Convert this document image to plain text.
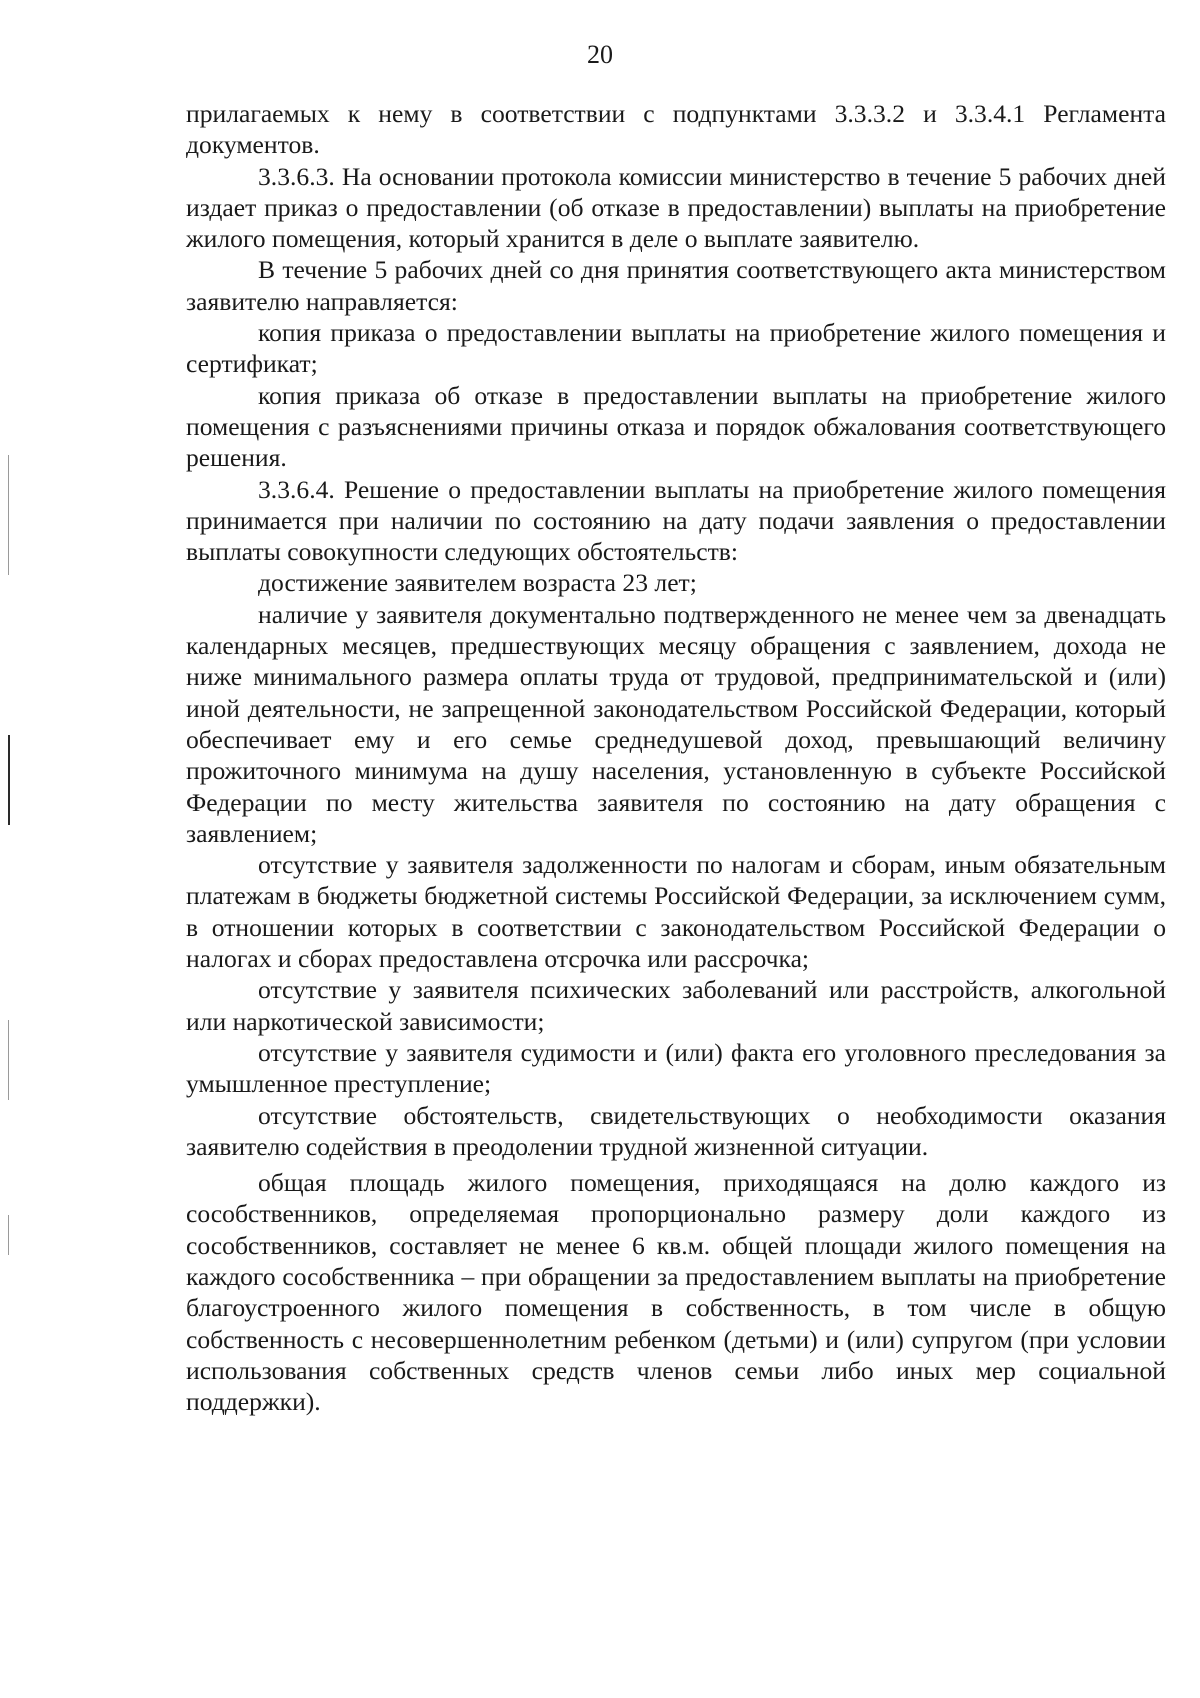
20

прилагаемых к нему в соответствии с подпунктами 3.3.3.2 и 3.3.4.1 Регламента документов.

3.3.6.3. На основании протокола комиссии министерство в течение 5 рабочих дней издает приказ о предоставлении (об отказе в предоставлении) выплаты на приобретение жилого помещения, который хранится в деле о выплате заявителю.

В течение 5 рабочих дней со дня принятия соответствующего акта министерством заявителю направляется:

копия приказа о предоставлении выплаты на приобретение жилого помещения и сертификат;

копия приказа об отказе в предоставлении выплаты на приобретение жилого помещения с разъяснениями причины отказа и порядок обжалования соответствующего решения.

3.3.6.4. Решение о предоставлении выплаты на приобретение жилого помещения принимается при наличии по состоянию на дату подачи заявления о предоставлении выплаты совокупности следующих обстоятельств:

достижение заявителем возраста 23 лет;

наличие у заявителя документально подтвержденного не менее чем за двенадцать календарных месяцев, предшествующих месяцу обращения с заявлением, дохода не ниже минимального размера оплаты труда от трудовой, предпринимательской и (или) иной деятельности, не запрещенной законодательством Российской Федерации, который обеспечивает ему и его семье среднедушевой доход, превышающий величину прожиточного минимума на душу населения, установленную в субъекте Российской Федерации по месту жительства заявителя по состоянию на дату обращения с заявлением;

отсутствие у заявителя задолженности по налогам и сборам, иным обязательным платежам в бюджеты бюджетной системы Российской Федерации, за исключением сумм, в отношении которых в соответствии с законодательством Российской Федерации о налогах и сборах предоставлена отсрочка или рассрочка;

отсутствие у заявителя психических заболеваний или расстройств, алкогольной или наркотической зависимости;

отсутствие у заявителя судимости и (или) факта его уголовного преследования за умышленное преступление;

отсутствие обстоятельств, свидетельствующих о необходимости оказания заявителю содействия в преодолении трудной жизненной ситуации.

общая площадь жилого помещения, приходящаяся на долю каждого из сособственников, определяемая пропорционально размеру доли каждого из сособственников, составляет не менее 6 кв.м. общей площади жилого помещения на каждого сособственника – при обращении за предоставлением выплаты на приобретение благоустроенного жилого помещения в собственность, в том числе в общую собственность с несовершеннолетним ребенком (детьми) и (или) супругом (при условии использования собственных средств членов семьи либо иных мер социальной поддержки).
